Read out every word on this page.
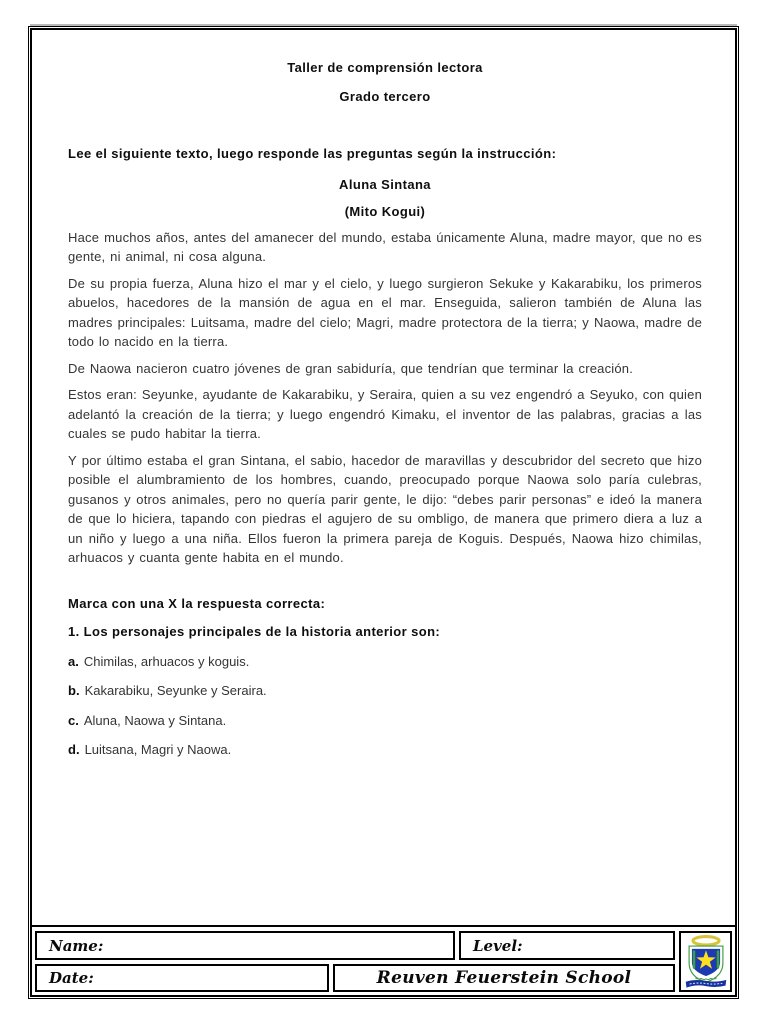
Taller de comprensión lectora
Grado tercero
Lee el siguiente texto, luego responde las preguntas según la instrucción:
Aluna Sintana
(Mito Kogui)

Hace muchos años, antes del amanecer del mundo, estaba únicamente Aluna, madre mayor, que no es gente, ni animal, ni cosa alguna.

De su propia fuerza, Aluna hizo el mar y el cielo, y luego surgieron Sekuke y Kakarabiku, los primeros abuelos, hacedores de la mansión de agua en el mar. Enseguida, salieron también de Aluna las madres principales: Luitsama, madre del cielo; Magri, madre protectora de la tierra; y Naowa, madre de todo lo nacido en la tierra.

De Naowa nacieron cuatro jóvenes de gran sabiduría, que tendrían que terminar la creación.

Estos eran: Seyunke, ayudante de Kakarabiku, y Seraira, quien a su vez engendró a Seyuko, con quien adelantó la creación de la tierra; y luego engendró Kimaku, el inventor de las palabras, gracias a las cuales se pudo habitar la tierra.

Y por último estaba el gran Sintana, el sabio, hacedor de maravillas y descubridor del secreto que hizo posible el alumbramiento de los hombres, cuando, preocupado porque Naowa solo paría culebras, gusanos y otros animales, pero no quería parir gente, le dijo: “debes parir personas” e ideó la manera de que lo hiciera, tapando con piedras el agujero de su ombligo, de manera que primero diera a luz a un niño y luego a una niña. Ellos fueron la primera pareja de Koguis. Después, Naowa hizo chimilas, arhuacos y cuanta gente habita en el mundo.

Marca con una X la respuesta correcta:
1. Los personajes principales de la historia anterior son:
a. Chimilas, arhuacos y koguis.
b. Kakarabiku, Seyunke y Seraira.
c. Aluna, Naowa y Sintana.
d. Luitsana, Magri y Naowa.
Name:	Level:
Date:	Reuven Feuerstein School
